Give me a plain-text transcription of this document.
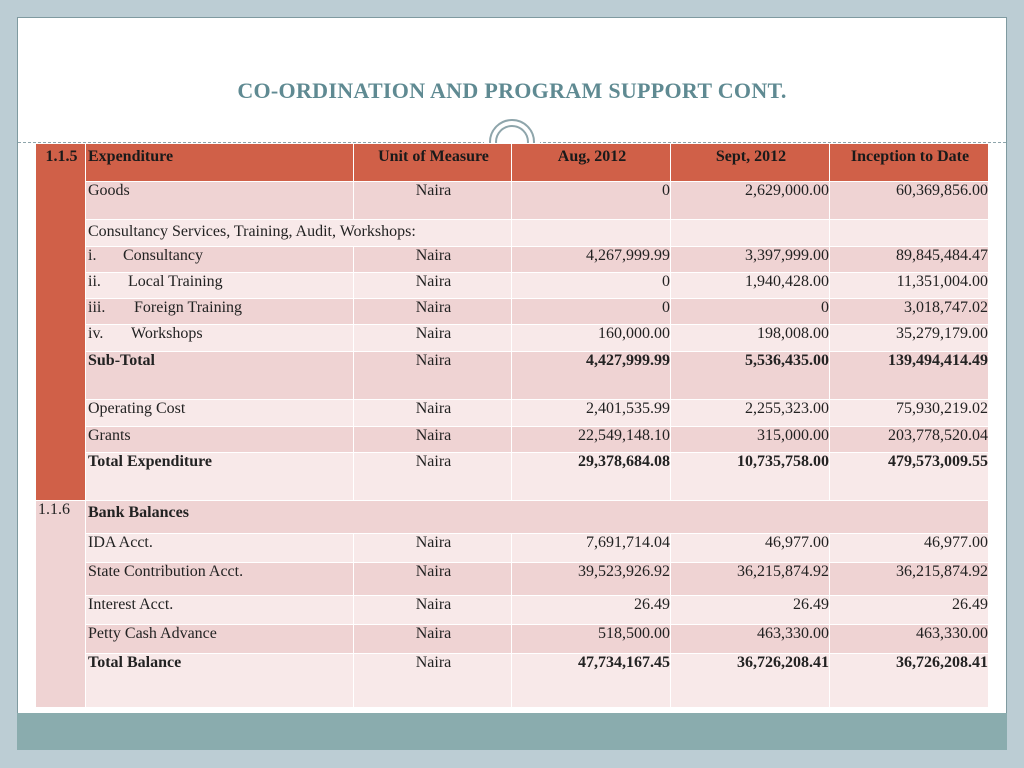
CO-ORDINATION AND PROGRAM SUPPORT CONT.
1.1.5	Expenditure	Unit of Measure	Aug, 2012	Sept, 2012	Inception to Date
	Goods	Naira	0	2,629,000.00	60,369,856.00
	Consultancy Services, Training, Audit, Workshops:				
	i. Consultancy	Naira	4,267,999.99	3,397,999.00	89,845,484.47
	ii. Local Training	Naira	0	1,940,428.00	11,351,004.00
	iii. Foreign Training	Naira	0	0	3,018,747.02
	iv. Workshops	Naira	160,000.00	198,008.00	35,279,179.00
	Sub-Total	Naira	4,427,999.99	5,536,435.00	139,494,414.49
	Operating Cost	Naira	2,401,535.99	2,255,323.00	75,930,219.02
	Grants	Naira	22,549,148.10	315,000.00	203,778,520.04
	Total Expenditure	Naira	29,378,684.08	10,735,758.00	479,573,009.55
1.1.6	Bank Balances				
	IDA Acct.	Naira	7,691,714.04	46,977.00	46,977.00
	State Contribution Acct.	Naira	39,523,926.92	36,215,874.92	36,215,874.92
	Interest Acct.	Naira	26.49	26.49	26.49
	Petty Cash Advance	Naira	518,500.00	463,330.00	463,330.00
	Total Balance	Naira	47,734,167.45	36,726,208.41	36,726,208.41
